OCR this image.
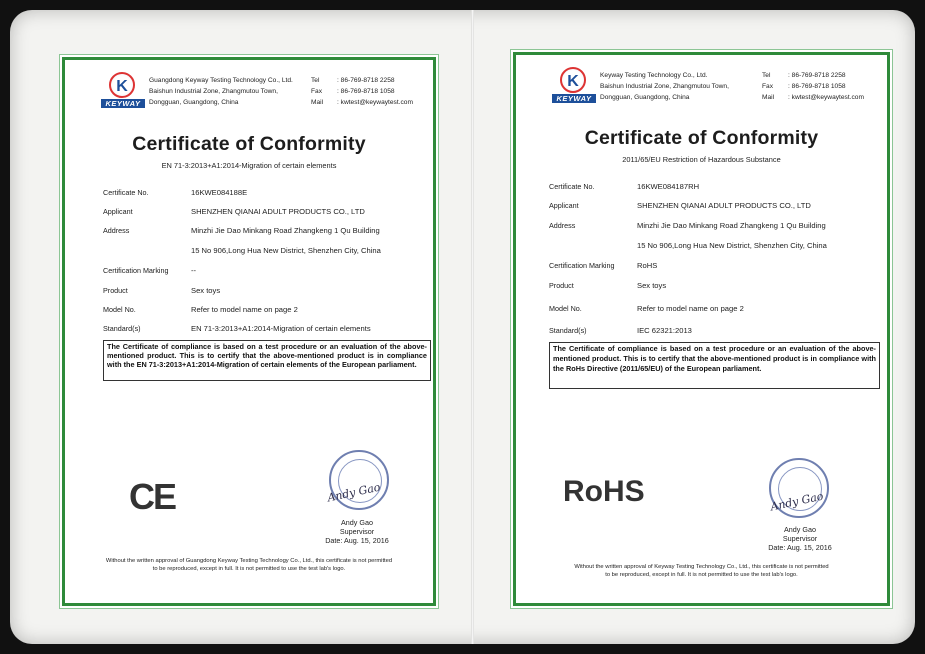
K
KEYWAY
Guangdong Keyway Testing Technology Co., Ltd.
Baishun Industrial Zone, Zhangmutou Town,
Dongguan, Guangdong, China
Tel	: 86-769-8718 2258
Fax : 86-769-8718 1058
Mail : kwtest@keywaytest.com
Certificate of Conformity
EN 71-3:2013+A1:2014-Migration of certain elements
Certificate No.	16KWE084188E
Applicant	SHENZHEN QIANAI ADULT PRODUCTS CO., LTD
Address	Minzhi Jie Dao Minkang Road Zhangkeng 1 Qu Building
15 No 906,Long Hua New District, Shenzhen City, China
Certification Marking	--
Product	Sex toys
Model No.	Refer to model name on page 2
Standard(s)	EN 71-3:2013+A1:2014-Migration of certain elements
The Certificate of compliance is based on a test procedure or an evaluation of the above-mentioned product. This is to certify that the above-mentioned product is in compliance with the EN 71-3:2013+A1:2014-Migration of certain elements of the European parliament.
CE	Andy Gao
Andy Gao
Supervisor
Date: Aug. 15, 2016
Without the written approval of Guangdong Keyway Testing Technology Co., Ltd., this certificate is not permitted
to be reproduced, except in full. It is not permitted to use the test lab's logo.
K
KEYWAY
Keyway Testing Technology Co., Ltd.
Baishun Industrial Zone, Zhangmutou Town,
Dongguan, Guangdong, China
Tel	: 86-769-8718 2258
Fax : 86-769-8718 1058
Mail : kwtest@keywaytest.com
Certificate of Conformity
2011/65/EU Restriction of Hazardous Substance
Certificate No.	16KWE084187RH
Applicant	SHENZHEN QIANAI ADULT PRODUCTS CO., LTD
Address	Minzhi Jie Dao Minkang Road Zhangkeng 1 Qu Building
15 No 906,Long Hua New District, Shenzhen City, China
Certification Marking	RoHS
Product	Sex toys
Model No.	Refer to model name on page 2
Standard(s)	IEC 62321:2013
The Certificate of compliance is based on a test procedure or an evaluation of the above-mentioned product. This is to certify that the above-mentioned product is in compliance with the RoHs Directive (2011/65/EU) of the European parliament.
RoHS	Andy Gao
Andy Gao
Supervisor
Date: Aug. 15, 2016
Without the written approval of Keyway Testing Technology Co., Ltd., this certificate is not permitted
to be reproduced, except in full. It is not permitted to use the test lab's logo.
